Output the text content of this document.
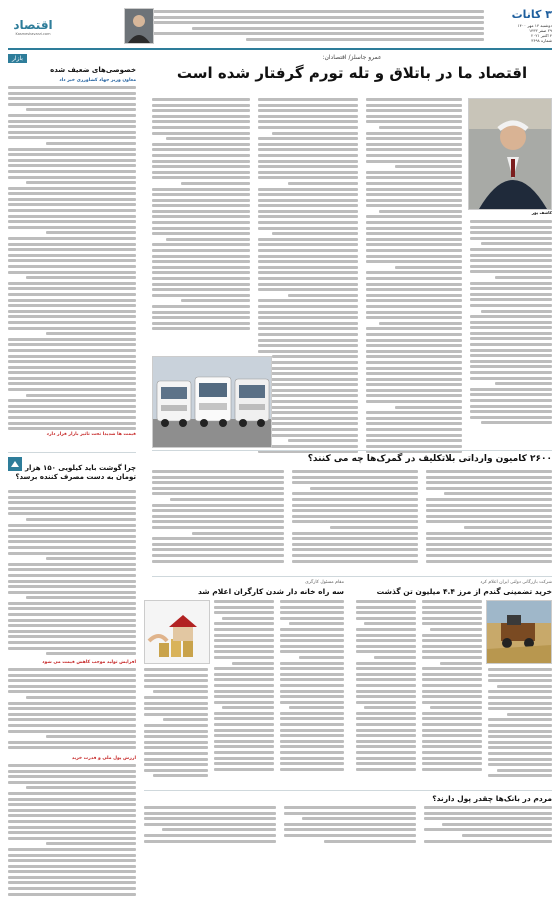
۳ کانات
دوشنبه ۱۴ مهر ۱۴۰۰
۲۹ صفر ۱۴۴۳
۴ اکتبر ۲۰۲۱
شماره ۳۶۹۸
اقتصاد
Kasmeshavarzi.com
عمرو جاسلز/ اقتصادان:
اقتصاد ما در باتلاق و تله تورم گرفتار شده است
کاشف پور
بازار
خصوصی‌های ضعیف شده
معاون وزیر جهاد کشاورزی خبر داد
قیمت ها شدیدا تحت تاثیر بازار قرار دارد
چرا گوشت باید کیلویی ۱۵۰ هزار تومان به دست مصرف کننده برسد؟
افزایش تولید موجب کاهش قیمت می شود
ارزش پول ملی و قدرت خرید
۲۶۰۰ کامیون وارداتی بلاتکلیف در گمرک‌ها چه می کنند؟
شرکت بازرگانی دولتی ایران اعلام کرد
خرید تضمینی گندم از مرز ۴.۴ میلیون تن گذشت
مقام مسئول کارگری
سه راه خانه دار شدن کارگران اعلام شد
مردم در بانک‌ها چقدر پول دارند؟
